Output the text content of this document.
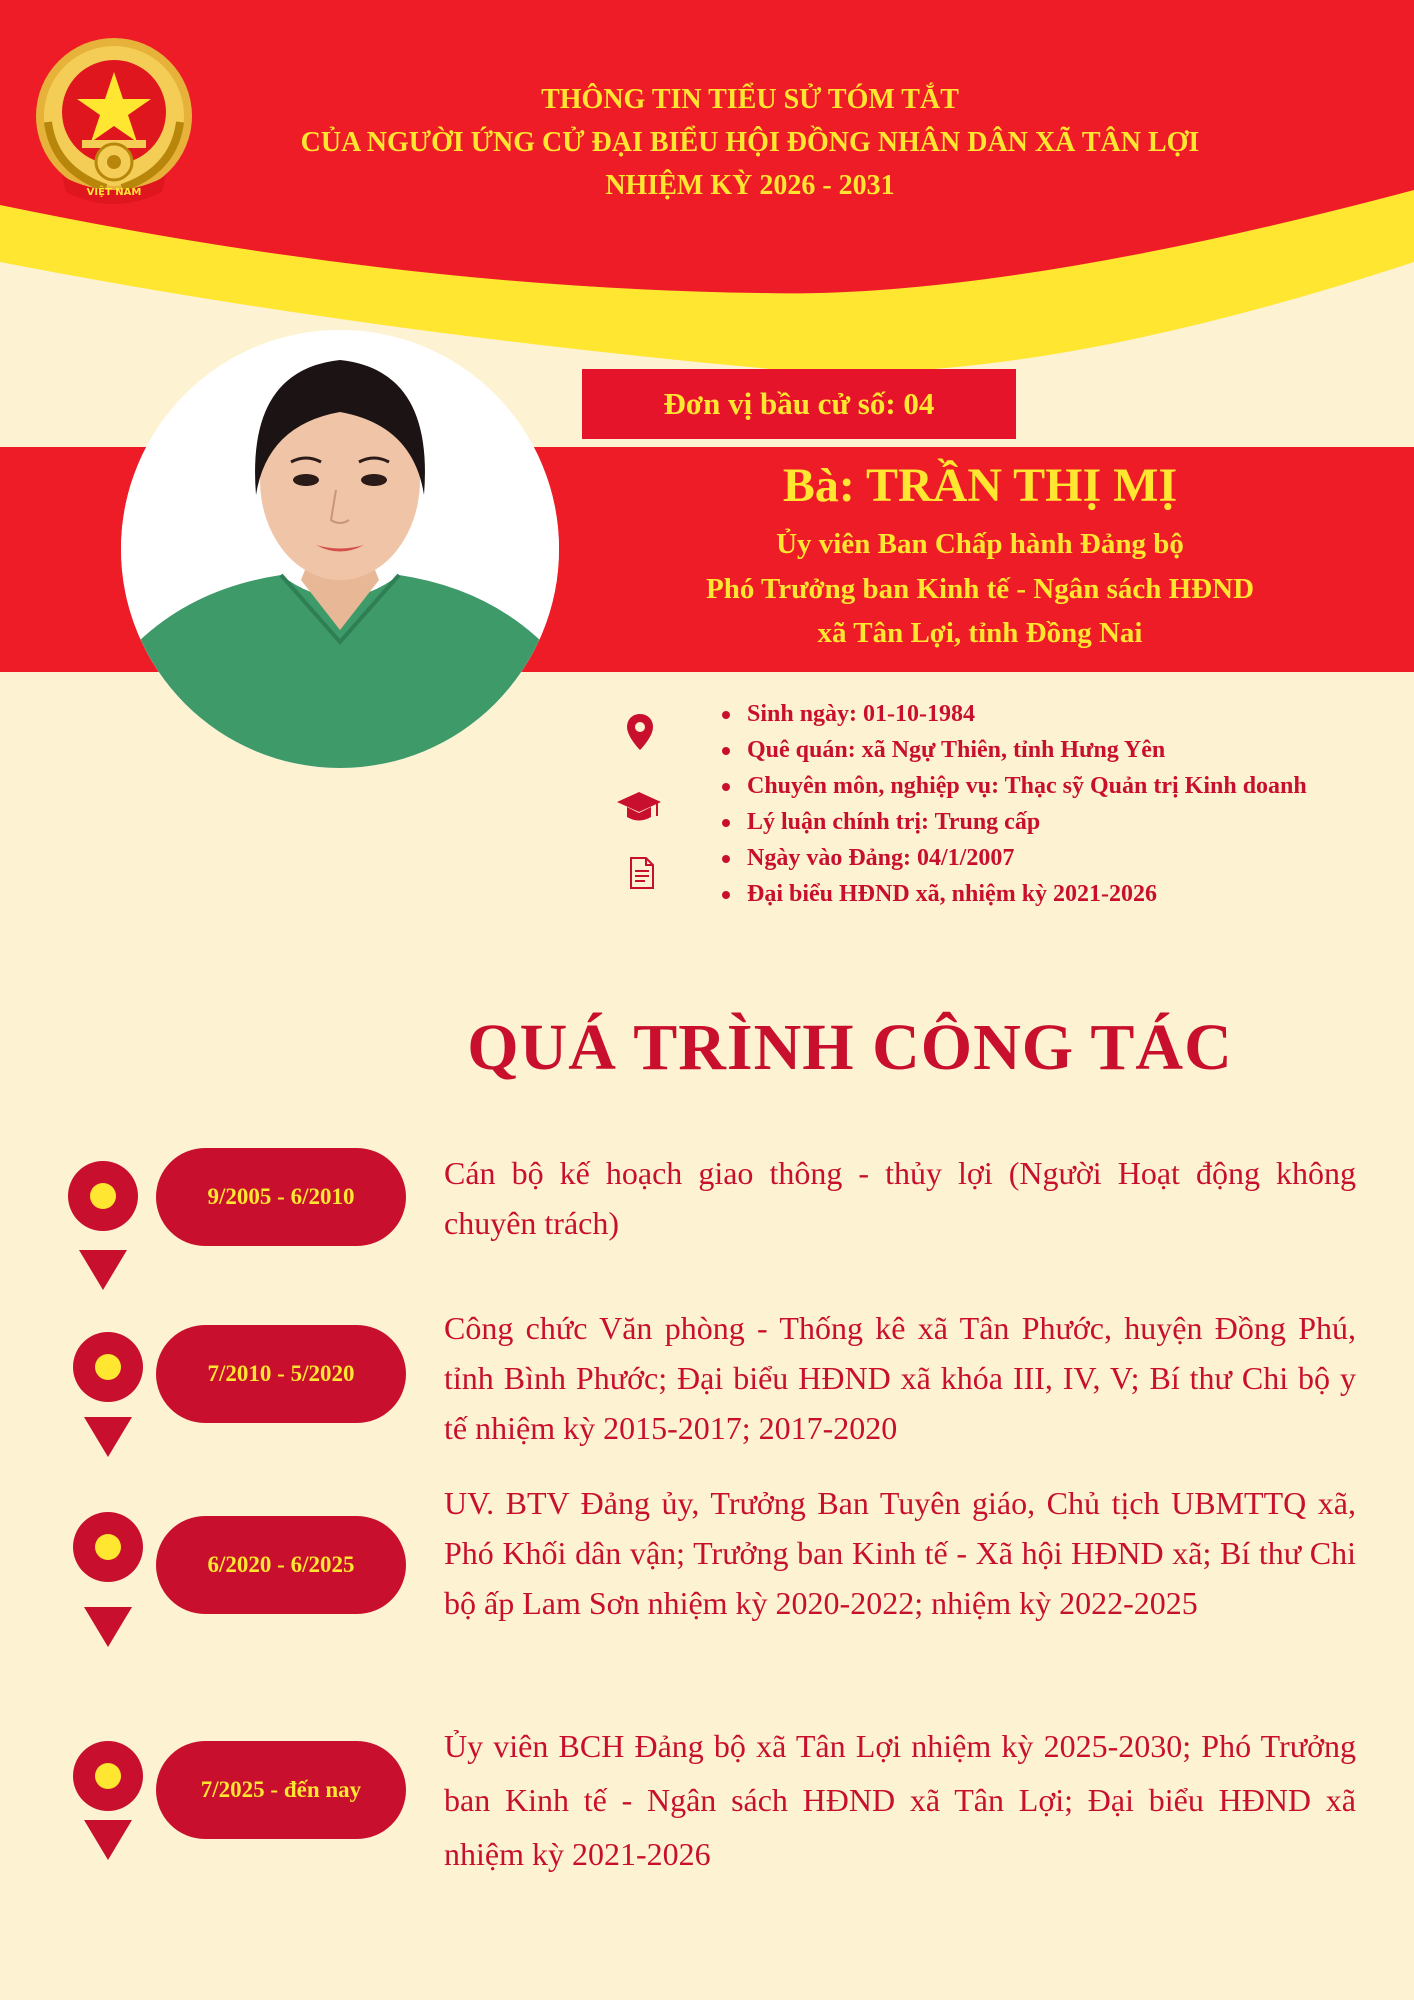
VIỆT NAM
THÔNG TIN TIỂU SỬ TÓM TẮT
CỦA NGƯỜI ỨNG CỬ ĐẠI BIỂU HỘI ĐỒNG NHÂN DÂN XÃ TÂN LỢI
NHIỆM KỲ 2026 - 2031
Đơn vị bầu cử số: 04
Bà: TRẦN THỊ MỊ
Ủy viên Ban Chấp hành Đảng bộ
Phó Trưởng ban Kinh tế - Ngân sách HĐND
xã Tân Lợi, tỉnh Đồng Nai
Sinh ngày: 01-10-1984
Quê quán: xã Ngự Thiên, tỉnh Hưng Yên
Chuyên môn, nghiệp vụ: Thạc sỹ Quản trị Kinh doanh
Lý luận chính trị: Trung cấp
Ngày vào Đảng: 04/1/2007
Đại biểu HĐND xã, nhiệm kỳ 2021-2026
QUÁ TRÌNH CÔNG TÁC
9/2005 - 6/2010
Cán bộ kế hoạch giao thông - thủy lợi (Người Hoạt động không chuyên trách)
7/2010 - 5/2020
Công chức Văn phòng - Thống kê xã Tân Phước, huyện Đồng Phú, tỉnh Bình Phước; Đại biểu HĐND xã khóa III, IV, V; Bí thư Chi bộ y tế nhiệm kỳ 2015-2017; 2017-2020
6/2020 - 6/2025
UV. BTV Đảng ủy, Trưởng Ban Tuyên giáo, Chủ tịch UBMTTQ xã, Phó Khối dân vận; Trưởng ban Kinh tế - Xã hội HĐND xã; Bí thư Chi bộ ấp Lam Sơn nhiệm kỳ 2020-2022; nhiệm kỳ 2022-2025
7/2025 - đến nay
Ủy viên BCH Đảng bộ xã Tân Lợi nhiệm kỳ 2025-2030; Phó Trưởng ban Kinh tế - Ngân sách HĐND xã Tân Lợi; Đại biểu HĐND xã nhiệm kỳ 2021-2026
